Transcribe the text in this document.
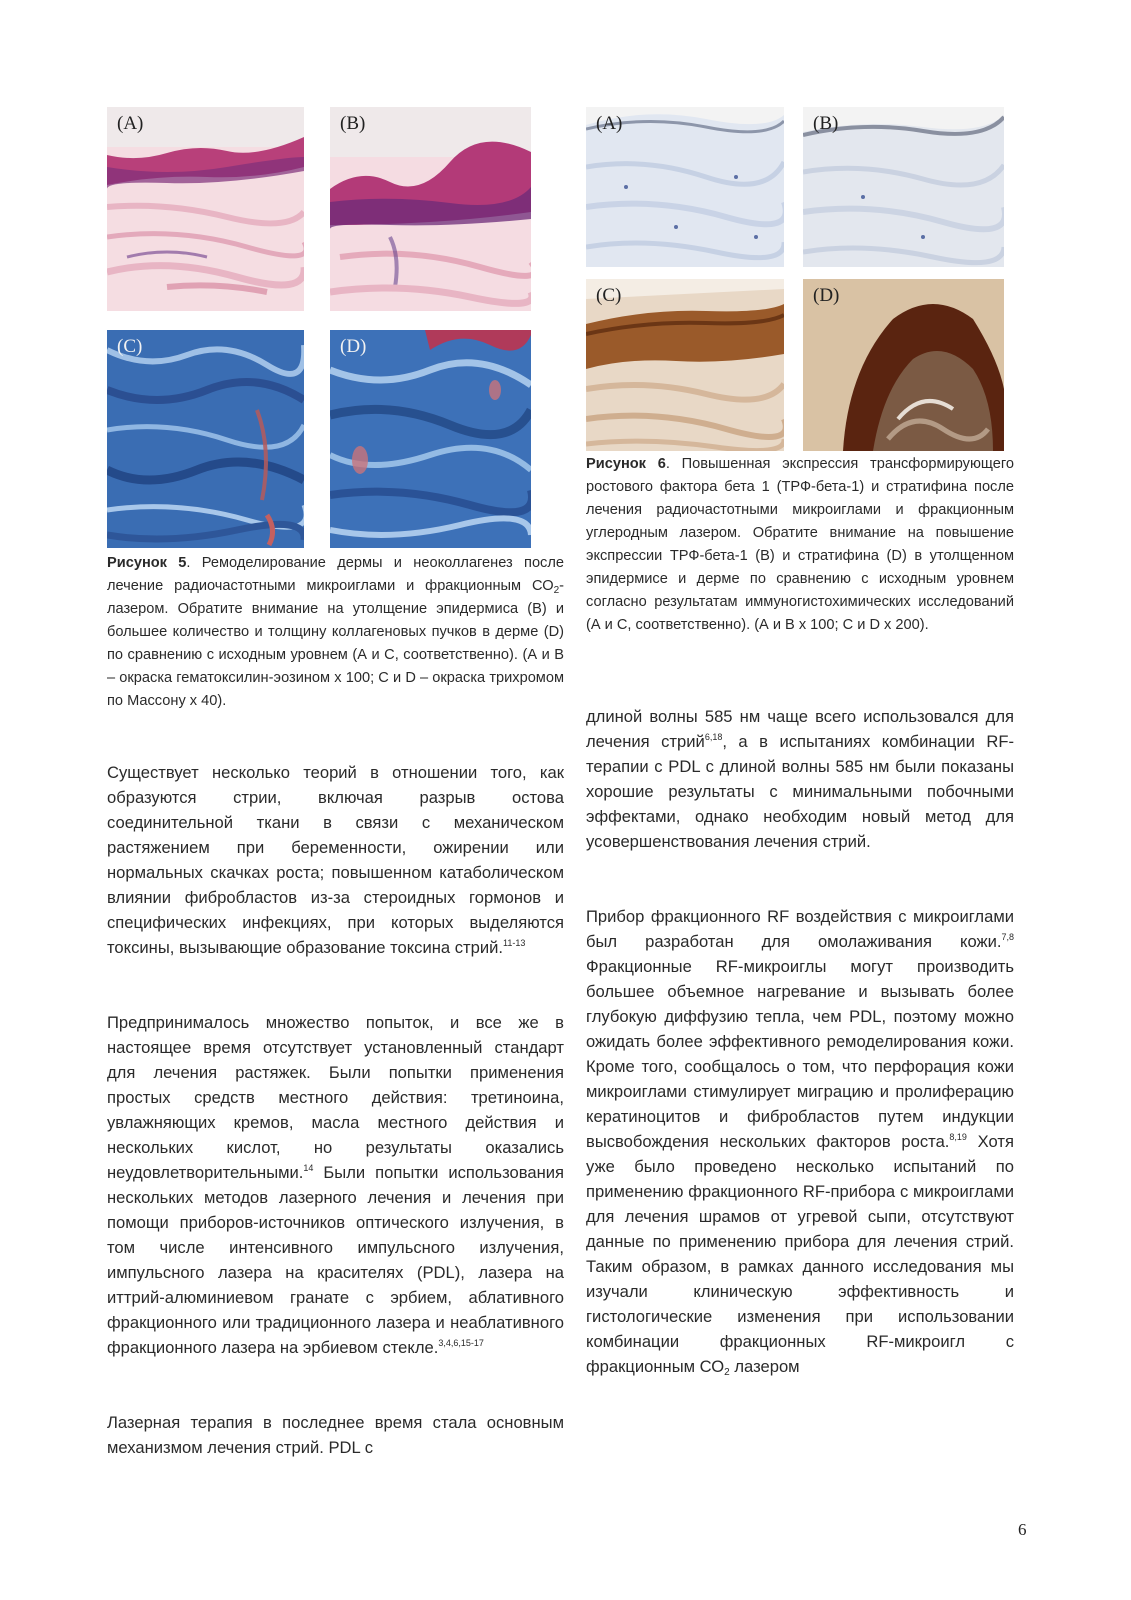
(A)	(B)
(C)	(D)
Рисунок 5. Ремоделирование дермы и неоколлагенез после лечение радиочастотными микроиглами и фракционным $СО_2$-лазером. Обратите внимание на утолщение эпидермиса (В) и большее количество и толщину коллагеновых пучков в дерме (D) по сравнению с исходным уровнем (А и С, соответственно). (А и В – окраска гематоксилин-эозином х 100; С и D – окраска трихромом по Массону х 40).
(A)	(B)
(C)	(D)
Рисунок 6. Повышенная экспрессия трансформирующего ростового фактора бета 1 (ТРФ-бета-1) и стратифина после лечения радиочастотными микроиглами и фракционным углеродным лазером. Обратите внимание на повышение экспрессии ТРФ-бета-1 (В) и стратифина (D) в утолщенном эпидермисе и дерме по сравнению с исходным уровнем согласно результатам иммуногистохимических исследований (А и С, соответственно). (А и В х 100; С и D х 200).

Существует несколько теорий в отношении того, как образуются стрии, включая разрыв остова соединительной ткани в связи с механическом растяжением при беременности, ожирении или нормальных скачках роста; повышенном катаболическом влиянии фибробластов из-за стероидных гормонов и специфических инфекциях, при которых выделяются токсины, вызывающие образование токсина стрий.$^{11-13}$

Предпринималось множество попыток, и все же в настоящее время отсутствует установленный стандарт для лечения растяжек. Были попытки применения простых средств местного действия: третиноина, увлажняющих кремов, масла местного действия и нескольких кислот, но результаты оказались неудовлетворительными.$^{14}$ Были попытки использования нескольких методов лазерного лечения и лечения при помощи приборов-источников оптического излучения, в том числе интенсивного импульсного излучения, импульсного лазера на красителях (PDL), лазера на иттрий-алюминиевом гранате с эрбием, аблативного фракционного или традиционного лазера и неаблативного фракционного лазера на эрбиевом стекле.$^{3,4,6,15-17}$

Лазерная терапия в последнее время стала основным механизмом лечения стрий. PDL с

длиной волны 585 нм чаще всего использовался для лечения стрий$^{6,18}$, а в испытаниях комбинации RF-терапии с PDL с длиной волны 585 нм были показаны хорошие результаты с минимальными побочными эффектами, однако необходим новый метод для усовершенствования лечения стрий.

Прибор фракционного RF воздействия с микроиглами был разработан для омолаживания кожи.$^{7,8}$ Фракционные RF-микроиглы могут производить большее объемное нагревание и вызывать более глубокую диффузию тепла, чем PDL, поэтому можно ожидать более эффективного ремоделирования кожи. Кроме того, сообщалось о том, что перфорация кожи микроиглами стимулирует миграцию и пролиферацию кератиноцитов и фибробластов путем индукции высвобождения нескольких факторов роста.$^{8,19}$ Хотя уже было проведено несколько испытаний по применению фракционного RF-прибора с микроиглами для лечения шрамов от угревой сыпи, отсутствуют данные по применению прибора для лечения стрий. Таким образом, в рамках данного исследования мы изучали клиническую эффективность и гистологические изменения при использовании комбинации фракционных RF-микроигл с фракционным $СО_2$ лазером

6
